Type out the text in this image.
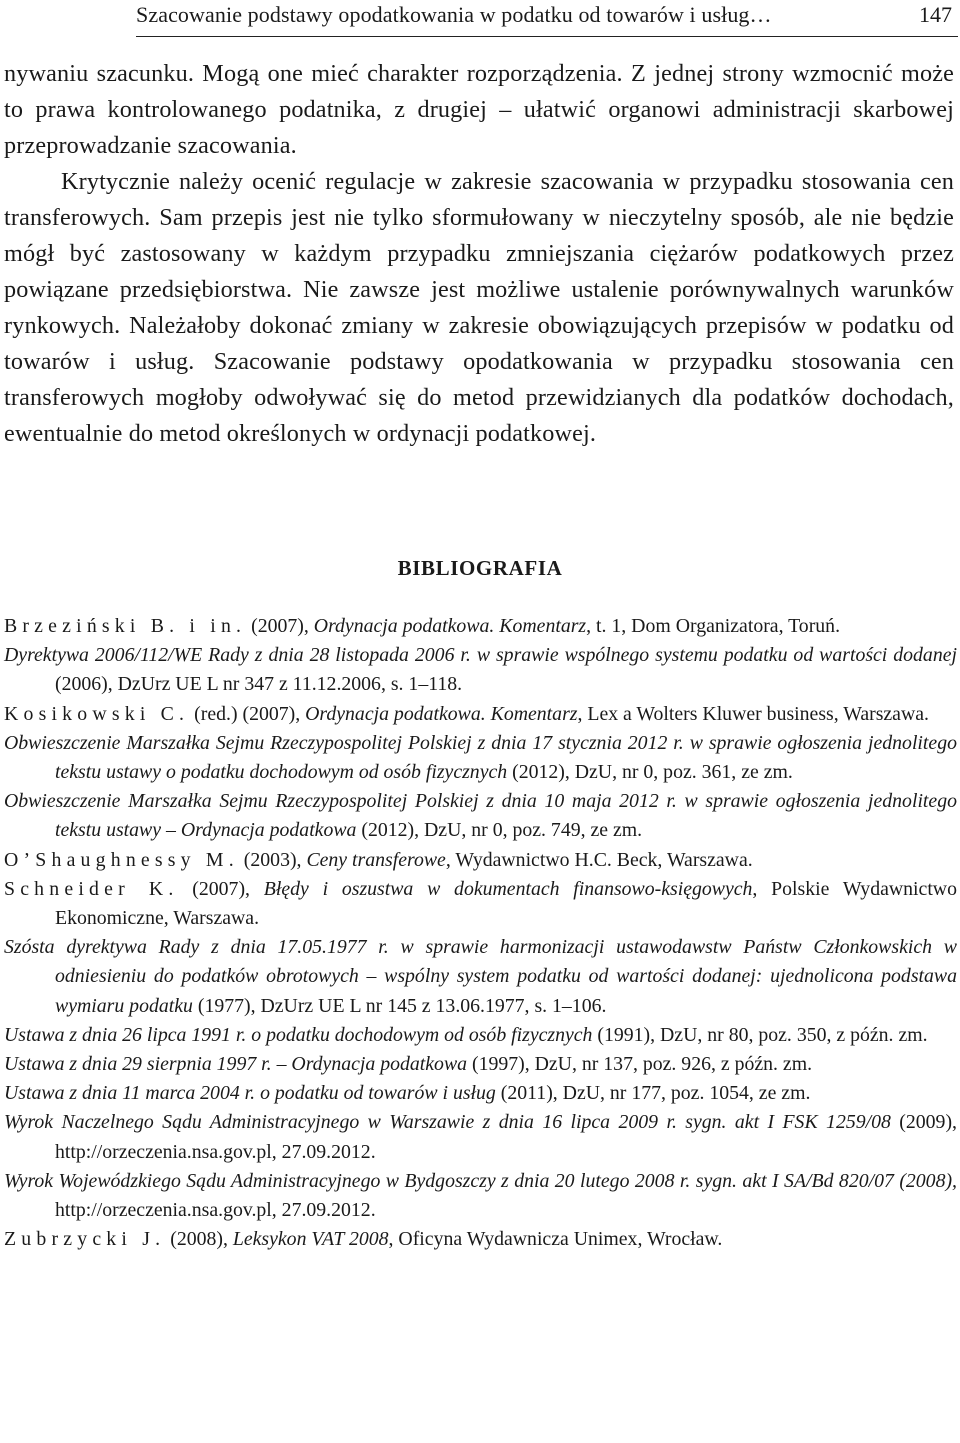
Szacowanie podstawy opodatkowania w podatku od towarów i usług…	147

nywaniu szacunku. Mogą one mieć charakter rozporządzenia. Z jednej strony wzmocnić może to prawa kontrolowanego podatnika, z drugiej – ułatwić organowi administracji skarbowej przeprowadzanie szacowania.

Krytycznie należy ocenić regulacje w zakresie szacowania w przypadku stosowania cen transferowych. Sam przepis jest nie tylko sformułowany w nieczytelny sposób, ale nie będzie mógł być zastosowany w każdym przypadku zmniejszania ciężarów podatkowych przez powiązane przedsiębiorstwa. Nie zawsze jest możliwe ustalenie porównywalnych warunków rynkowych. Należałoby dokonać zmiany w zakresie obowiązujących przepisów w podatku od towarów i usług. Szacowanie podstawy opodatkowania w przypadku stosowania cen transferowych mogłoby odwoływać się do metod przewidzianych dla podatków dochodach, ewentualnie do metod określonych w ordynacji podatkowej.

BIBLIOGRAFIA

Brzeziński B. i in. (2007), Ordynacja podatkowa. Komentarz, t. 1, Dom Organizatora, Toruń.

Dyrektywa 2006/112/WE Rady z dnia 28 listopada 2006 r. w sprawie wspólnego systemu podatku od wartości dodanej (2006), DzUrz UE L nr 347 z 11.12.2006, s. 1–118.

Kosikowski C. (red.) (2007), Ordynacja podatkowa. Komentarz, Lex a Wolters Kluwer business, Warszawa.

Obwieszczenie Marszałka Sejmu Rzeczypospolitej Polskiej z dnia 17 stycznia 2012 r. w sprawie ogłoszenia jednolitego tekstu ustawy o podatku dochodowym od osób fizycznych (2012), DzU, nr 0, poz. 361, ze zm.

Obwieszczenie Marszałka Sejmu Rzeczypospolitej Polskiej z dnia 10 maja 2012 r. w sprawie ogłoszenia jednolitego tekstu ustawy – Ordynacja podatkowa (2012), DzU, nr 0, poz. 749, ze zm.

O’Shaughnessy M. (2003), Ceny transferowe, Wydawnictwo H.C. Beck, Warszawa.

Schneider K. (2007), Błędy i oszustwa w dokumentach finansowo-księgowych, Polskie Wydawnictwo Ekonomiczne, Warszawa.

Szósta dyrektywa Rady z dnia 17.05.1977 r. w sprawie harmonizacji ustawodawstw Państw Członkowskich w odniesieniu do podatków obrotowych – wspólny system podatku od wartości dodanej: ujednolicona podstawa wymiaru podatku (1977), DzUrz UE L nr 145 z 13.06.1977, s. 1–106.

Ustawa z dnia 26 lipca 1991 r. o podatku dochodowym od osób fizycznych (1991), DzU, nr 80, poz. 350, z późn. zm.

Ustawa z dnia 29 sierpnia 1997 r. – Ordynacja podatkowa (1997), DzU, nr 137, poz. 926, z późn. zm.

Ustawa z dnia 11 marca 2004 r. o podatku od towarów i usług (2011), DzU, nr 177, poz. 1054, ze zm.

Wyrok Naczelnego Sądu Administracyjnego w Warszawie z dnia 16 lipca 2009 r. sygn. akt I FSK 1259/08 (2009), http://orzeczenia.nsa.gov.pl, 27.09.2012.

Wyrok Wojewódzkiego Sądu Administracyjnego w Bydgoszczy z dnia 20 lutego 2008 r. sygn. akt I SA/Bd 820/07 (2008), http://orzeczenia.nsa.gov.pl, 27.09.2012.

Zubrzycki J. (2008), Leksykon VAT 2008, Oficyna Wydawnicza Unimex, Wrocław.
